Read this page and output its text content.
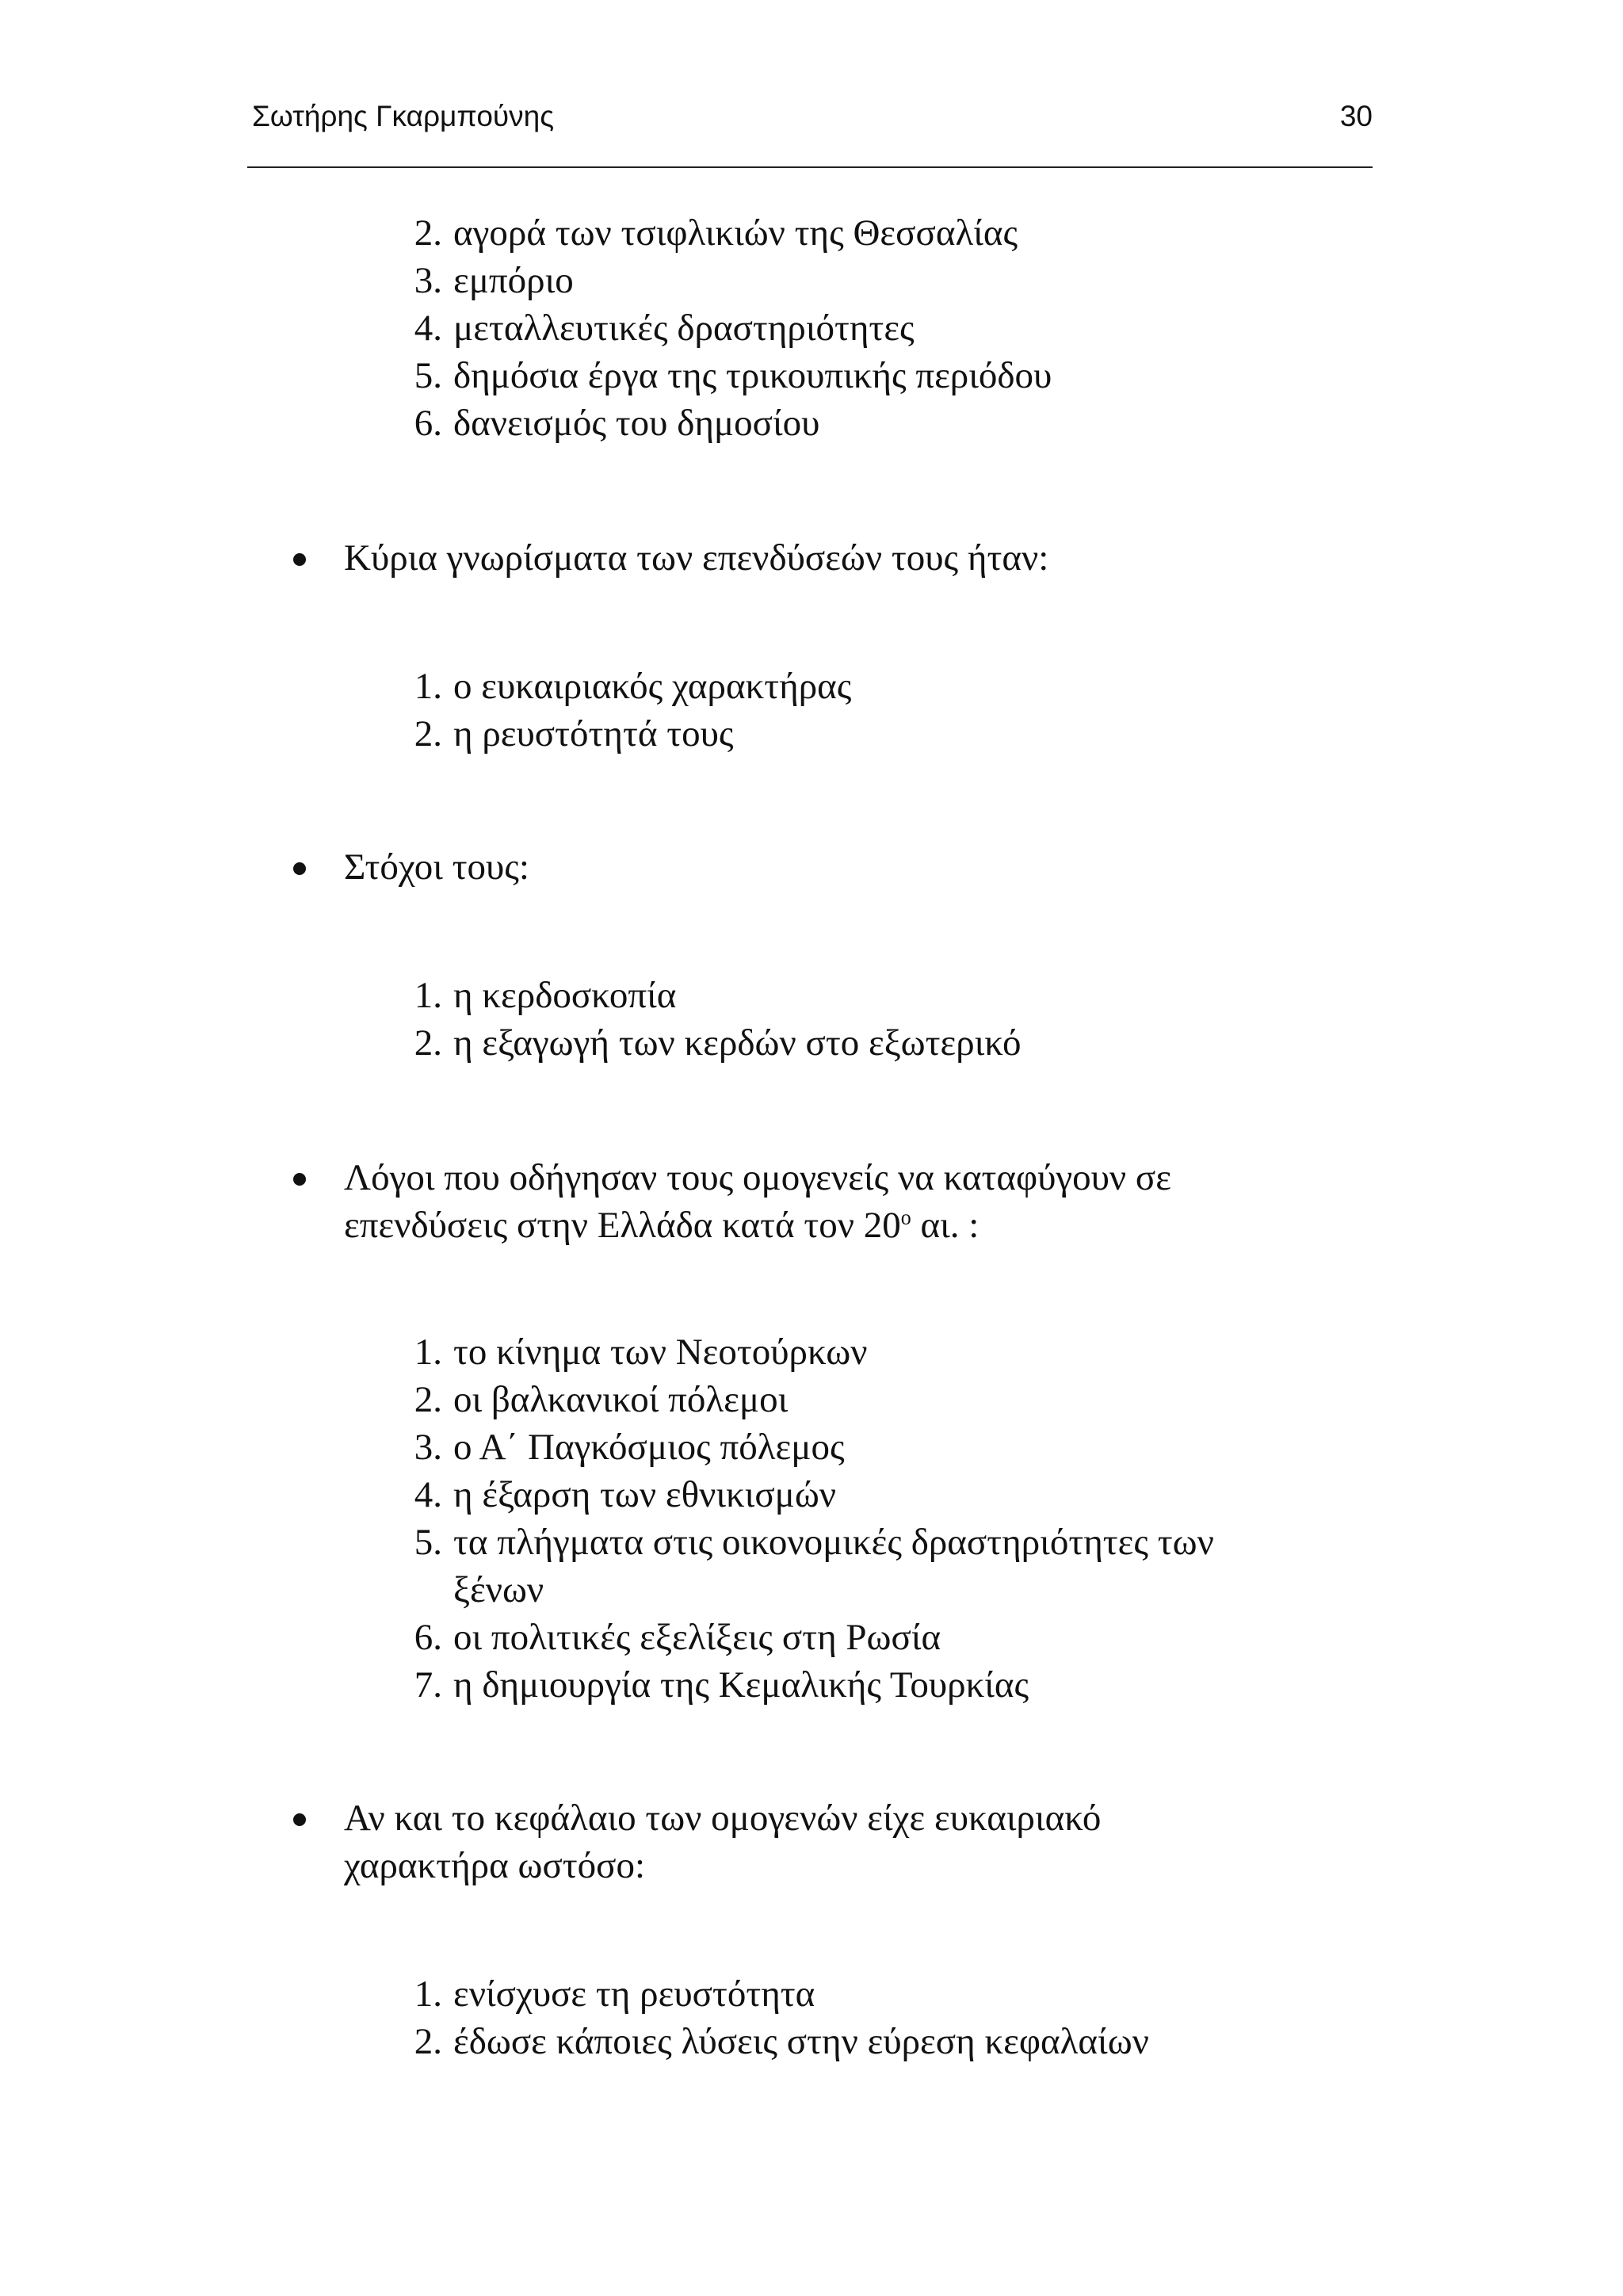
Σωτήρης Γκαρμπούνης	30
2. αγορά των τσιφλικιών της Θεσσαλίας
3. εμπόριο
4. μεταλλευτικές δραστηριότητες
5. δημόσια έργα της τρικουπικής περιόδου
6. δανεισμός του δημοσίου
Κύρια γνωρίσματα των επενδύσεών τους ήταν:
1. ο ευκαιριακός χαρακτήρας
2. η ρευστότητά τους
Στόχοι τους:
1. η κερδοσκοπία
2. η εξαγωγή των κερδών στο εξωτερικό
Λόγοι που οδήγησαν τους ομογενείς να καταφύγουν σε
επενδύσεις στην Ελλάδα κατά τον $20^o$ αι. :
1. το κίνημα των Νεοτούρκων
2. οι βαλκανικοί πόλεμοι
3. ο Α΄ Παγκόσμιος πόλεμος
4. η έξαρση των εθνικισμών
5. τα πλήγματα στις οικονομικές δραστηριότητες των ξένων
6. οι πολιτικές εξελίξεις στη Ρωσία
7. η δημιουργία της Κεμαλικής Τουρκίας
Αν και το κεφάλαιο των ομογενών είχε ευκαιριακό
χαρακτήρα ωστόσο:
1. ενίσχυσε τη ρευστότητα
2. έδωσε κάποιες λύσεις στην εύρεση κεφαλαίων
